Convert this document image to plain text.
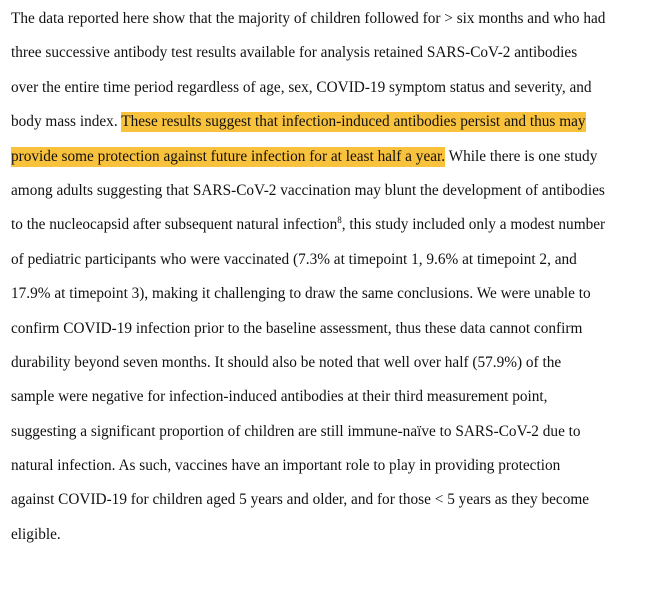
The data reported here show that the majority of children followed for > six months and who had
three successive antibody test results available for analysis retained SARS-CoV-2 antibodies
over the entire time period regardless of age, sex, COVID-19 symptom status and severity, and
body mass index. These results suggest that infection-induced antibodies persist and thus may
provide some protection against future infection for at least half a year. While there is one study
among adults suggesting that SARS-CoV-2 vaccination may blunt the development of antibodies
to the nucleocapsid after subsequent natural infection$^8$, this study included only a modest number
of pediatric participants who were vaccinated (7.3% at timepoint 1, 9.6% at timepoint 2, and
17.9% at timepoint 3), making it challenging to draw the same conclusions. We were unable to
confirm COVID-19 infection prior to the baseline assessment, thus these data cannot confirm
durability beyond seven months. It should also be noted that well over half (57.9%) of the
sample were negative for infection-induced antibodies at their third measurement point,
suggesting a significant proportion of children are still immune-naïve to SARS-CoV-2 due to
natural infection. As such, vaccines have an important role to play in providing protection
against COVID-19 for children aged 5 years and older, and for those < 5 years as they become
eligible.
